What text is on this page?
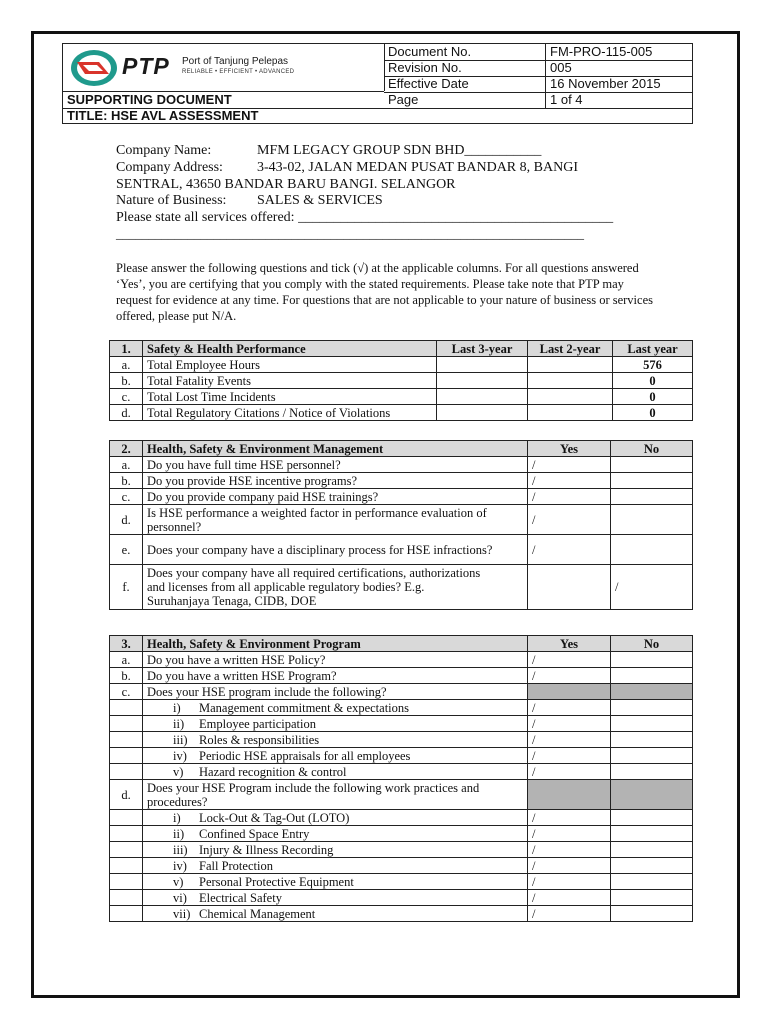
PTP Port of Tanjung Pelepas
RELIABLE • EFFICIENT • ADVANCED
Document No.	FM-PRO-115-005
Revision No.	005
Effective Date	16 November 2015
Page	1 of 4
SUPPORTING DOCUMENT
TITLE: HSE AVL ASSESSMENT
Company Name:	MFM LEGACY GROUP SDN BHD___________
Company Address: 3-43-02, JALAN MEDAN PUSAT BANDAR 8, BANGI
SENTRAL, 43650 BANDAR BARU BANGI. SELANGOR
Nature of Business: SALES & SERVICES
Please state all services offered: _____________________________________________
________________________________________________________________________
Please answer the following questions and tick (√) at the applicable columns. For all questions answered ‘Yes’, you are certifying that you comply with the stated requirements. Please take note that PTP may request for evidence at any time. For questions that are not applicable to your nature of business or services offered, please put N/A.
1.	Safety & Health Performance	Last 3-year	Last 2-year	Last year
a.	Total Employee Hours			576
b.	Total Fatality Events			0
c.	Total Lost Time Incidents			0
d.	Total Regulatory Citations / Notice of Violations			0
2.	Health, Safety & Environment Management	Yes	No
a.	Do you have full time HSE personnel?	/	
b.	Do you provide HSE incentive programs?	/	
c.	Do you provide company paid HSE trainings?	/	
d.	Is HSE performance a weighted factor in performance evaluation of personnel?	/	
e.	Does your company have a disciplinary process for HSE infractions?	/	
f.	Does your company have all required certifications, authorizations and licenses from all applicable regulatory bodies? E.g. Suruhanjaya Tenaga, CIDB, DOE		/
3.	Health, Safety & Environment Program	Yes	No
a.	Do you have a written HSE Policy?	/	
b.	Do you have a written HSE Program?	/	
c.	Does your HSE program include the following?		
	i) Management commitment & expectations	/	
	ii) Employee participation	/	
	iii) Roles & responsibilities	/	
	iv) Periodic HSE appraisals for all employees	/	
	v) Hazard recognition & control	/	
d.	Does your HSE Program include the following work practices and procedures?		
	i) Lock-Out & Tag-Out (LOTO)	/	
	ii) Confined Space Entry	/	
	iii) Injury & Illness Recording	/	
	iv) Fall Protection	/	
	v) Personal Protective Equipment	/	
	vi) Electrical Safety	/	
	vii) Chemical Management	/	
